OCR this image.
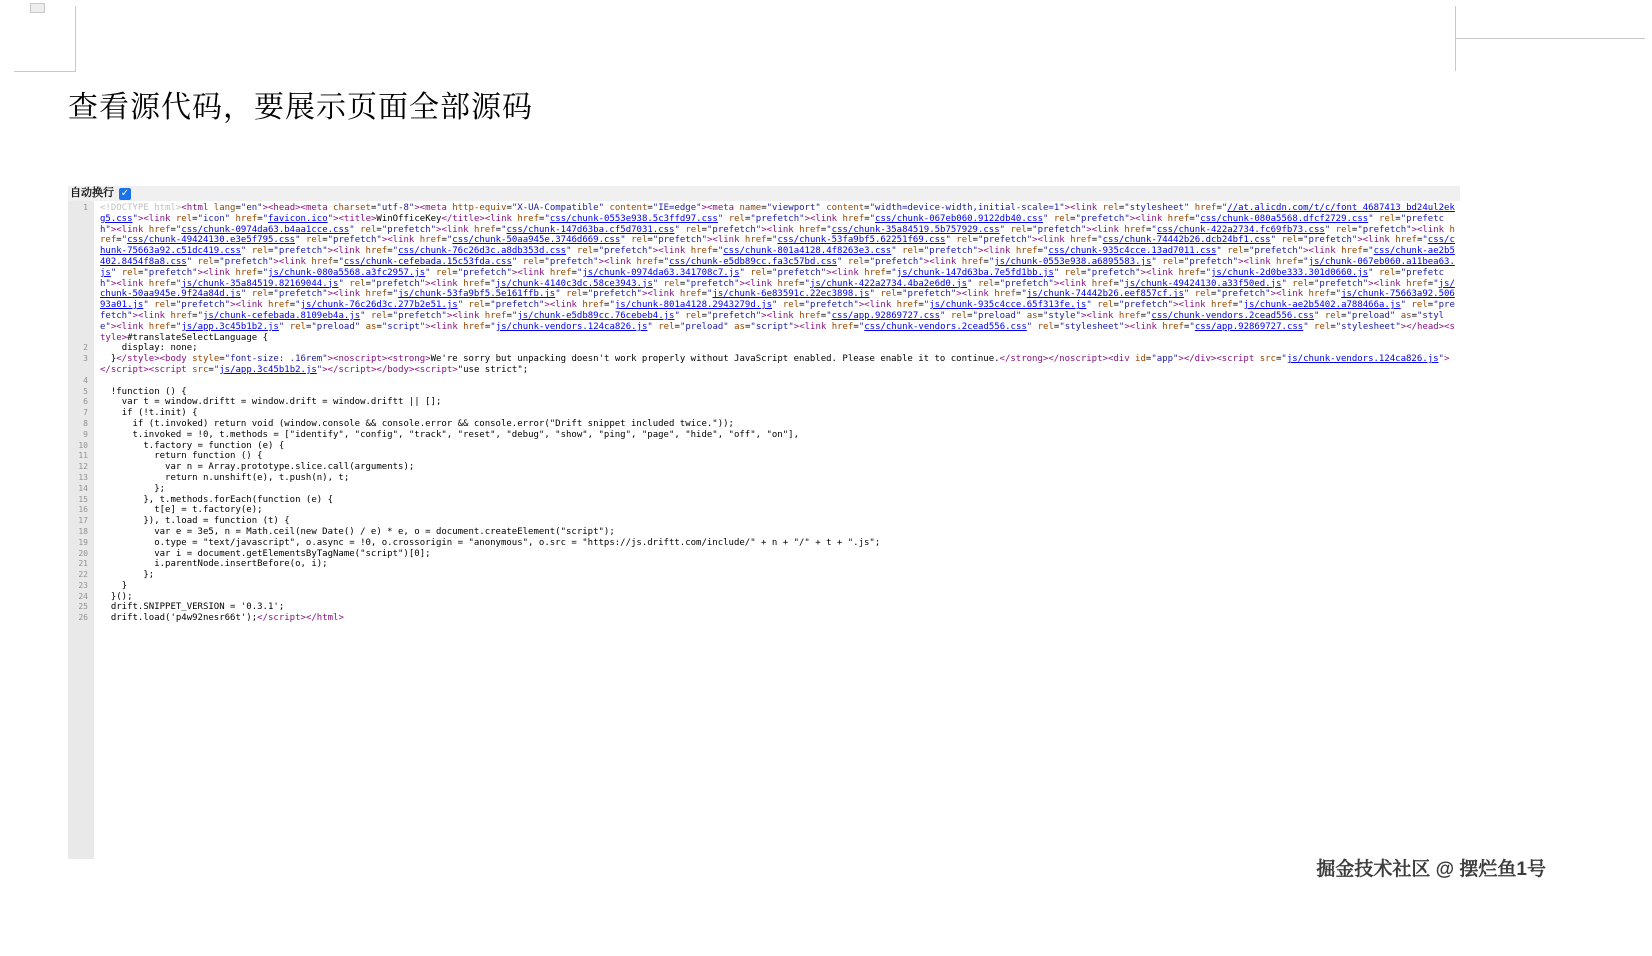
查看源代码，要展示页面全部源码
自动换行
✓
1	<!DOCTYPE html><html lang="en"><head><meta charset="utf-8"><meta http-equiv="X-UA-Compatible" content="IE=edge"><meta name="viewport" content="width=device-width,initial-scale=1"><link rel="stylesheet" href="//at.alicdn.com/t/c/font_4687413_bd24ul2ekg5.css"><link rel="icon" href="favicon.ico"><title>WinOfficeKey</title><link href="css/chunk-0553e938.5c3ffd97.css" rel="prefetch"><link href="css/chunk-067eb060.9122db40.css" rel="prefetch"><link href="css/chunk-080a5568.dfcf2729.css" rel="prefetch"><link href="css/chunk-0974da63.b4aa1cce.css" rel="prefetch"><link href="css/chunk-147d63ba.cf5d7031.css" rel="prefetch"><link href="css/chunk-35a84519.5b757929.css" rel="prefetch"><link href="css/chunk-422a2734.fc69fb73.css" rel="prefetch"><link href="css/chunk-49424130.e3e5f795.css" rel="prefetch"><link href="css/chunk-50aa945e.3746d669.css" rel="prefetch"><link href="css/chunk-53fa9bf5.62251f69.css" rel="prefetch"><link href="css/chunk-74442b26.dcb24bf1.css" rel="prefetch"><link href="css/chunk-75663a92.c51dc419.css" rel="prefetch"><link href="css/chunk-76c26d3c.a8db353d.css" rel="prefetch"><link href="css/chunk-801a4128.4f8263e3.css" rel="prefetch"><link href="css/chunk-935c4cce.13ad7011.css" rel="prefetch"><link href="css/chunk-ae2b5402.8454f8a8.css" rel="prefetch"><link href="css/chunk-cefebada.15c53fda.css" rel="prefetch"><link href="css/chunk-e5db89cc.fa3c57bd.css" rel="prefetch"><link href="js/chunk-0553e938.a6895583.js" rel="prefetch"><link href="js/chunk-067eb060.a11bea63.js" rel="prefetch"><link href="js/chunk-080a5568.a3fc2957.js" rel="prefetch"><link href="js/chunk-0974da63.341708c7.js" rel="prefetch"><link href="js/chunk-147d63ba.7e5fd1bb.js" rel="prefetch"><link href="js/chunk-2d0be333.301d0660.js" rel="prefetch"><link href="js/chunk-35a84519.82169044.js" rel="prefetch"><link href="js/chunk-4140c3dc.58ce3943.js" rel="prefetch"><link href="js/chunk-422a2734.4ba2e6d0.js" rel="prefetch"><link href="js/chunk-49424130.a33f50ed.js" rel="prefetch"><link href="js/chunk-50aa945e.9f24a84d.js" rel="prefetch"><link href="js/chunk-53fa9bf5.5e161ffb.js" rel="prefetch"><link href="js/chunk-6e83591c.22ec3898.js" rel="prefetch"><link href="js/chunk-74442b26.eef857cf.js" rel="prefetch"><link href="js/chunk-75663a92.50693a01.js" rel="prefetch"><link href="js/chunk-76c26d3c.277b2e51.js" rel="prefetch"><link href="js/chunk-801a4128.2943279d.js" rel="prefetch"><link href="js/chunk-935c4cce.65f313fe.js" rel="prefetch"><link href="js/chunk-ae2b5402.a788466a.js" rel="prefetch"><link href="js/chunk-cefebada.8109eb4a.js" rel="prefetch"><link href="js/chunk-e5db89cc.76cebeb4.js" rel="prefetch"><link href="css/app.92869727.css" rel="preload" as="style"><link href="css/chunk-vendors.2cead556.css" rel="preload" as="style"><link href="js/app.3c45b1b2.js" rel="preload" as="script"><link href="js/chunk-vendors.124ca826.js" rel="preload" as="script"><link href="css/chunk-vendors.2cead556.css" rel="stylesheet"><link href="css/app.92869727.css" rel="stylesheet"></head><style>#translateSelectLanguage {
2	display: none;
3	}</style><body style="font-size: .16rem"><noscript><strong>We're sorry but unpacking doesn't work properly without JavaScript enabled. Please enable it to continue.</strong></noscript><div id="app"></div><script src="js/chunk-vendors.124ca826.js"></script><script src="js/app.3c45b1b2.js"></script></body><script>"use strict";
4

5	!function () {
6	var t = window.driftt = window.drift = window.driftt || [];
7	if (!t.init) {
8	if (t.invoked) return void (window.console && console.error && console.error("Drift snippet included twice."));
9	t.invoked = !0, t.methods = ["identify", "config", "track", "reset", "debug", "show", "ping", "page", "hide", "off", "on"],
10	t.factory = function (e) {
11	return function () {
12	var n = Array.prototype.slice.call(arguments);
13	return n.unshift(e), t.push(n), t;
14	};
15	}, t.methods.forEach(function (e) {
16	t[e] = t.factory(e);
17	}), t.load = function (t) {
18	var e = 3e5, n = Math.ceil(new Date() / e) * e, o = document.createElement("script");
19	o.type = "text/javascript", o.async = !0, o.crossorigin = "anonymous", o.src = "https://js.driftt.com/include/" + n + "/" + t + ".js";
20	var i = document.getElementsByTagName("script")[0];
21	i.parentNode.insertBefore(o, i);
22	};
23	}
24	}();
25	drift.SNIPPET_VERSION = '0.3.1';
26	drift.load('p4w92nesr66t');</script></html>
掘金技术社区 @ 摆烂鱼1号
